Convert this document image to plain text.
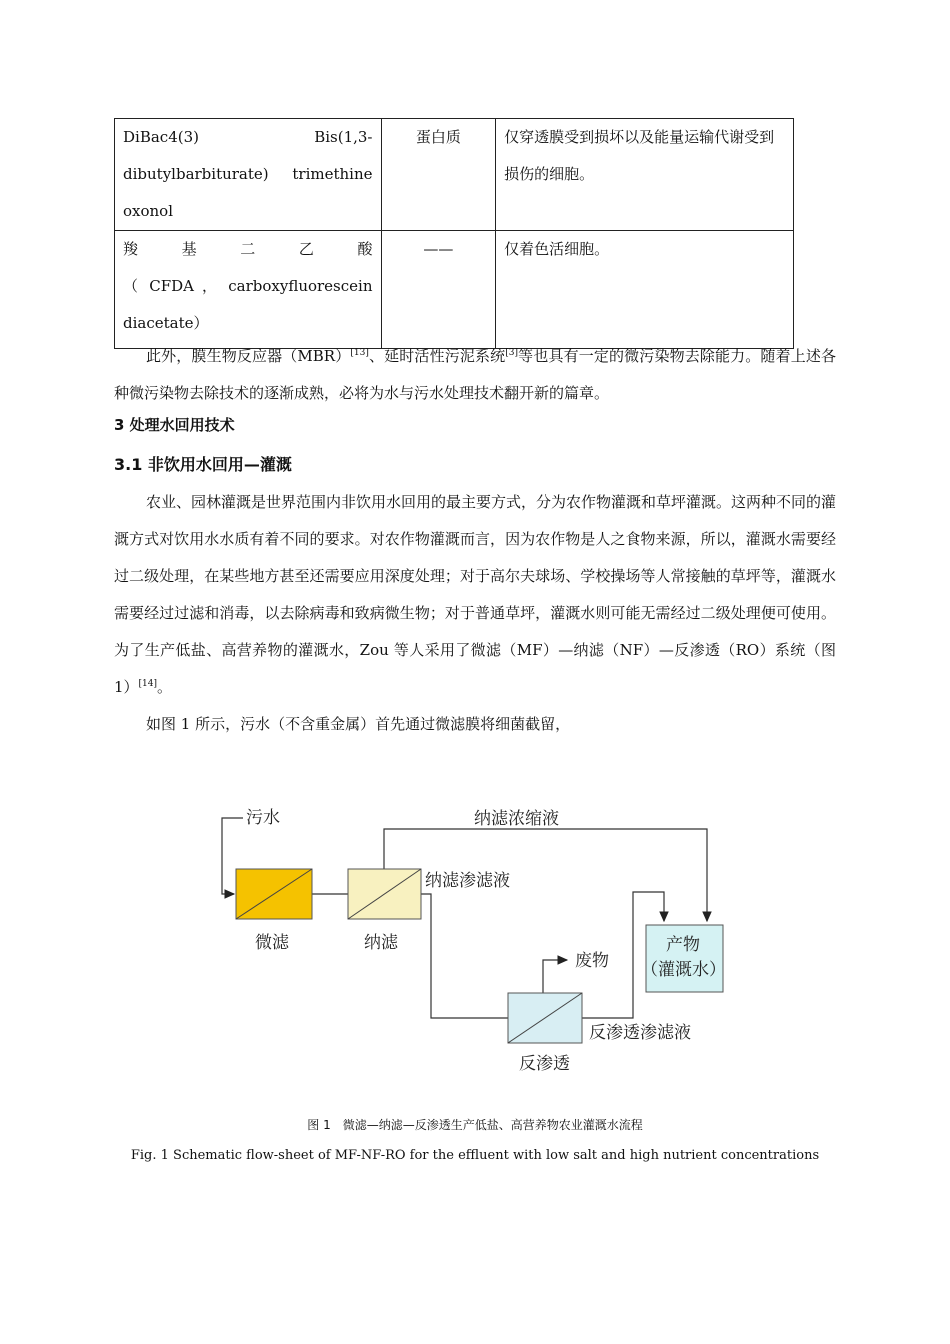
DiBac4(3) Bis(1,3-
dibutylbarbiturate) trimethine oxonol	蛋白质	仅穿透膜受到损坏以及能量运输代谢受到损伤的细胞。

羧 基 二 乙 酸
（ CFDA ， carboxyfluorescein
diacetate）	——	仅着色活细胞。

此外，膜生物反应器（MBR）[13]、延时活性污泥系统[3]等也具有一定的微污染物去除能力。随着上述各种微污染物去除技术的逐渐成熟，必将为水与污水处理技术翻开新的篇章。

3 处理水回用技术
3.1 非饮用水回用—灌溉

农业、园林灌溉是世界范围内非饮用水回用的最主要方式，分为农作物灌溉和草坪灌溉。这两种不同的灌溉方式对饮用水水质有着不同的要求。对农作物灌溉而言，因为农作物是人之食物来源，所以，灌溉水需要经过二级处理，在某些地方甚至还需要应用深度处理；对于高尔夫球场、学校操场等人常接触的草坪等，灌溉水需要经过过滤和消毒，以去除病毒和致病微生物；对于普通草坪，灌溉水则可能无需经过二级处理便可使用。为了生产低盐、高营养物的灌溉水，Zou 等人采用了微滤（MF）—纳滤（NF）—反渗透（RO）系统（图 1）[14]。

如图 1 所示，污水（不含重金属）首先通过微滤膜将细菌截留，

污水	纳滤浓缩液
纳滤渗滤液
微滤	纳滤
废物
产物
（灌溉水）
反渗透渗滤液
反渗透
图 1　微滤—纳滤—反渗透生产低盐、高营养物农业灌溉水流程
Fig. 1 Schematic flow-sheet of MF-NF-RO for the effluent with low salt and high nutrient concentrations
